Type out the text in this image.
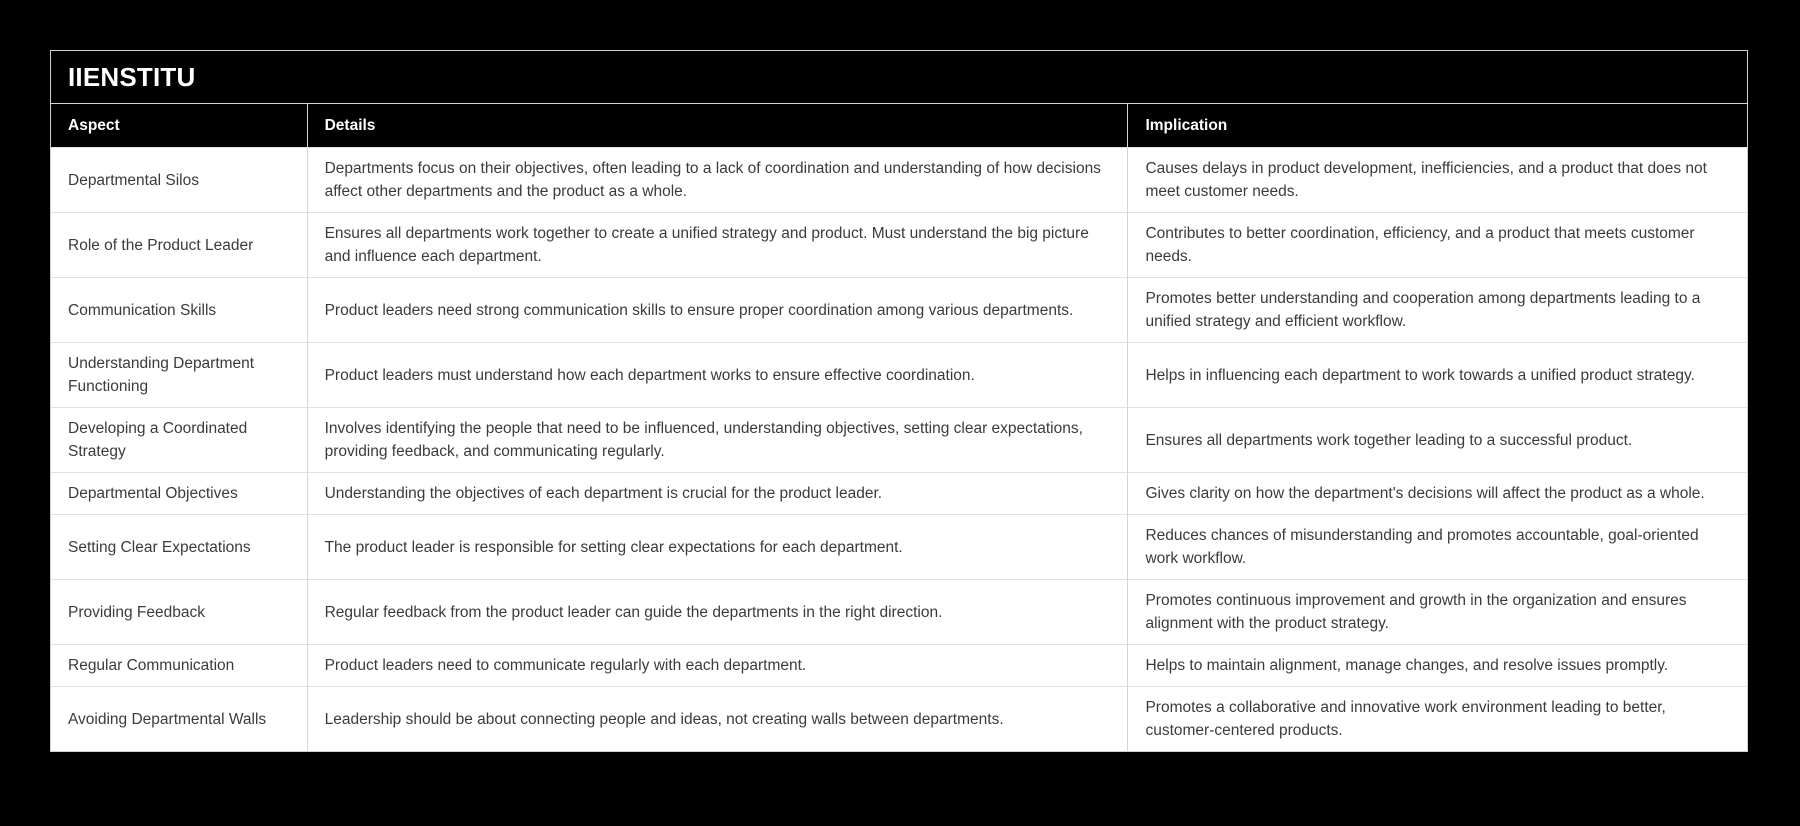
IIENSTITU
Aspect	Details	Implication
Departmental Silos	Departments focus on their objectives, often leading to a lack of coordination and understanding of how decisions affect other departments and the product as a whole.	Causes delays in product development, inefficiencies, and a product that does not meet customer needs.
Role of the Product Leader	Ensures all departments work together to create a unified strategy and product. Must understand the big picture and influence each department.	Contributes to better coordination, efficiency, and a product that meets customer needs.
Communication Skills	Product leaders need strong communication skills to ensure proper coordination among various departments.	Promotes better understanding and cooperation among departments leading to a unified strategy and efficient workflow.
Understanding Department Functioning	Product leaders must understand how each department works to ensure effective coordination.	Helps in influencing each department to work towards a unified product strategy.
Developing a Coordinated Strategy	Involves identifying the people that need to be influenced, understanding objectives, setting clear expectations, providing feedback, and communicating regularly.	Ensures all departments work together leading to a successful product.
Departmental Objectives	Understanding the objectives of each department is crucial for the product leader.	Gives clarity on how the department's decisions will affect the product as a whole.
Setting Clear Expectations	The product leader is responsible for setting clear expectations for each department.	Reduces chances of misunderstanding and promotes accountable, goal-oriented work workflow.
Providing Feedback	Regular feedback from the product leader can guide the departments in the right direction.	Promotes continuous improvement and growth in the organization and ensures alignment with the product strategy.
Regular Communication	Product leaders need to communicate regularly with each department.	Helps to maintain alignment, manage changes, and resolve issues promptly.
Avoiding Departmental Walls	Leadership should be about connecting people and ideas, not creating walls between departments.	Promotes a collaborative and innovative work environment leading to better, customer-centered products.
